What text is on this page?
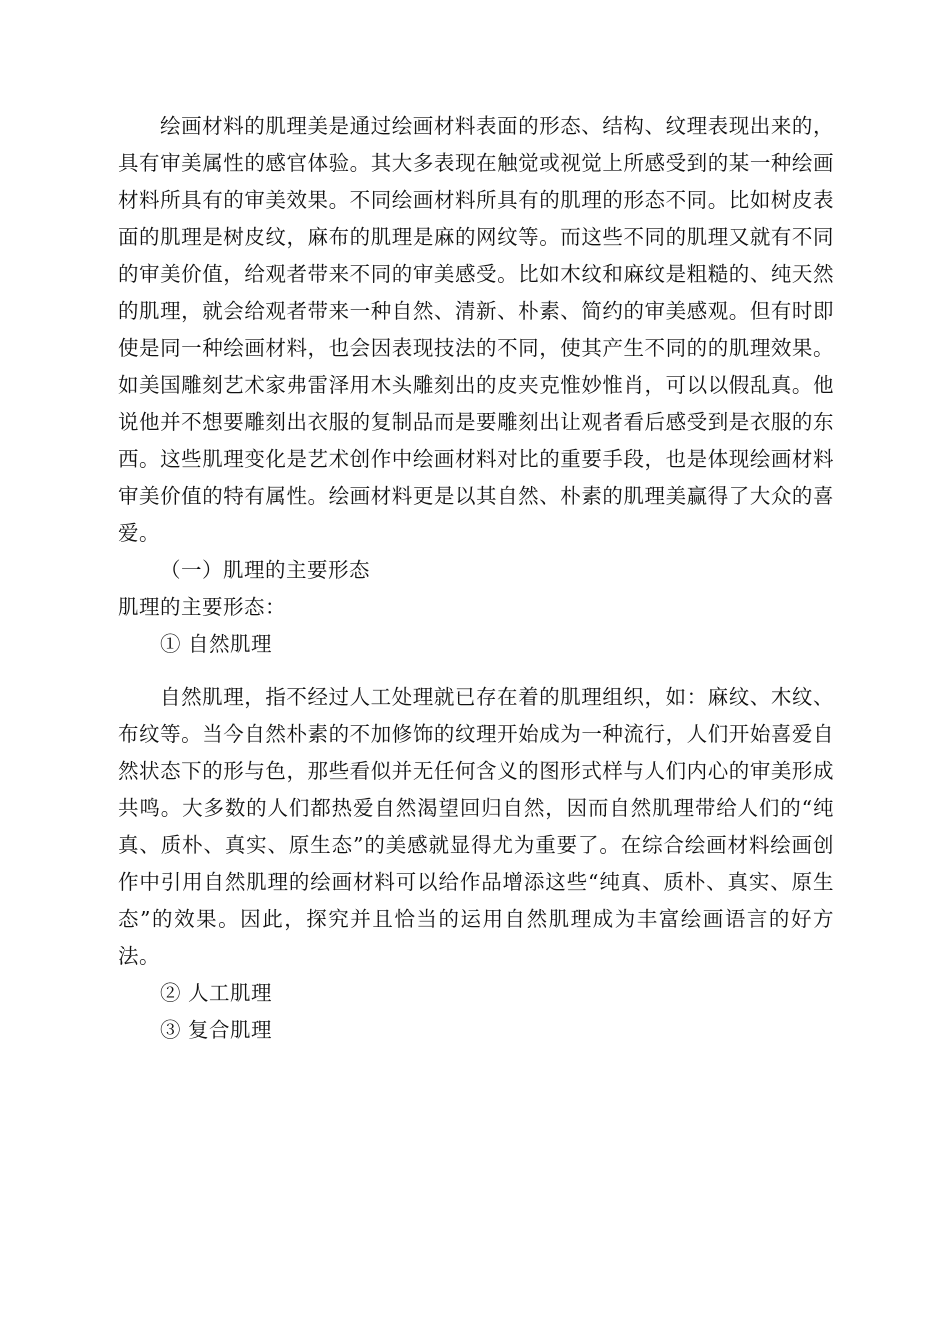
绘画材料的肌理美是通过绘画材料表面的形态、结构、纹理表现出来的，具有审美属性的感官体验。其大多表现在触觉或视觉上所感受到的某一种绘画材料所具有的审美效果。不同绘画材料所具有的肌理的形态不同。比如树皮表面的肌理是树皮纹，麻布的肌理是麻的网纹等。而这些不同的肌理又就有不同的审美价值，给观者带来不同的审美感受。比如木纹和麻纹是粗糙的、纯天然的肌理，就会给观者带来一种自然、清新、朴素、简约的审美感观。但有时即使是同一种绘画材料，也会因表现技法的不同，使其产生不同的的肌理效果。如美国雕刻艺术家弗雷泽用木头雕刻出的皮夹克惟妙惟肖，可以以假乱真。他说他并不想要雕刻出衣服的复制品而是要雕刻出让观者看后感受到是衣服的东西。这些肌理变化是艺术创作中绘画材料对比的重要手段，也是体现绘画材料审美价值的特有属性。绘画材料更是以其自然、朴素的肌理美赢得了大众的喜爱。

（一）肌理的主要形态

肌理的主要形态：

① 自然肌理

自然肌理，指不经过人工处理就已存在着的肌理组织，如：麻纹、木纹、布纹等。当今自然朴素的不加修饰的纹理开始成为一种流行，人们开始喜爱自然状态下的形与色，那些看似并无任何含义的图形式样与人们内心的审美形成共鸣。大多数的人们都热爱自然渴望回归自然，因而自然肌理带给人们的“纯真、质朴、真实、原生态”的美感就显得尤为重要了。在综合绘画材料绘画创作中引用自然肌理的绘画材料可以给作品增添这些“纯真、质朴、真实、原生态”的效果。因此，探究并且恰当的运用自然肌理成为丰富绘画语言的好方法。

② 人工肌理

③ 复合肌理
